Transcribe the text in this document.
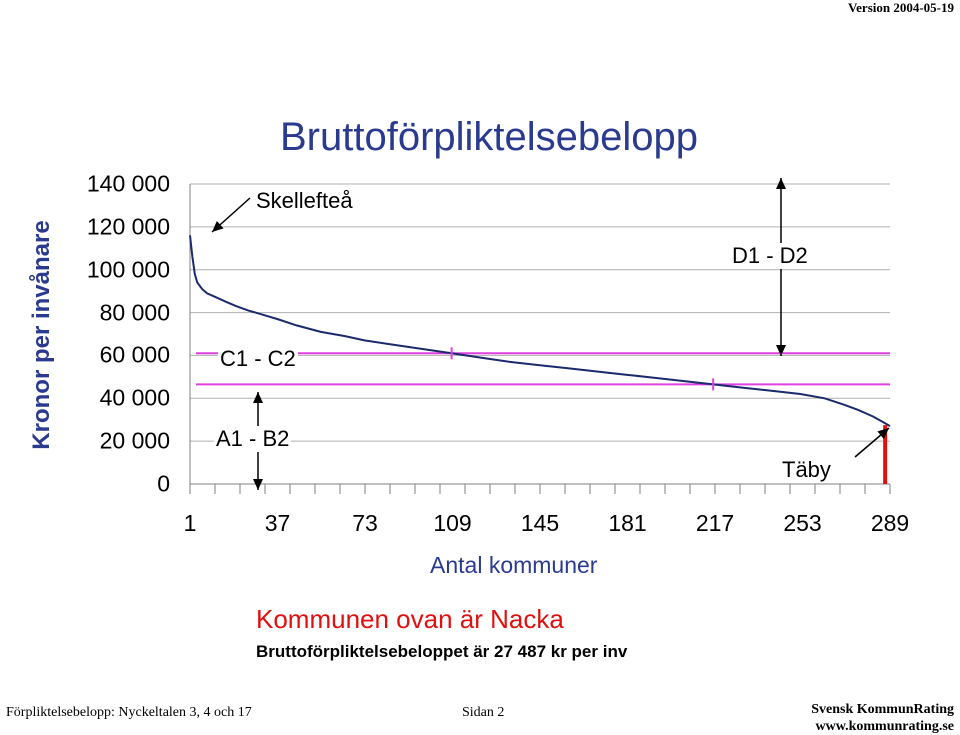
Version 2004-05-19
Bruttoförpliktelsebelopp
Kronor per invånare
0
20 000
40 000
60 000
80 000
100 000
120 000
140 000
1	37	73 109 145 181 217 253 289
Antal kommuner
Skellefteå
C1 - C2
A1 - B2
D1 - D2
Täby
Kommunen ovan är Nacka
Bruttoförpliktelsebeloppet är 27 487 kr per inv
Förpliktelsebelopp: Nyckeltalen 3, 4 och 17	Sidan 2	Svensk KommunRating
www.kommunrating.se
